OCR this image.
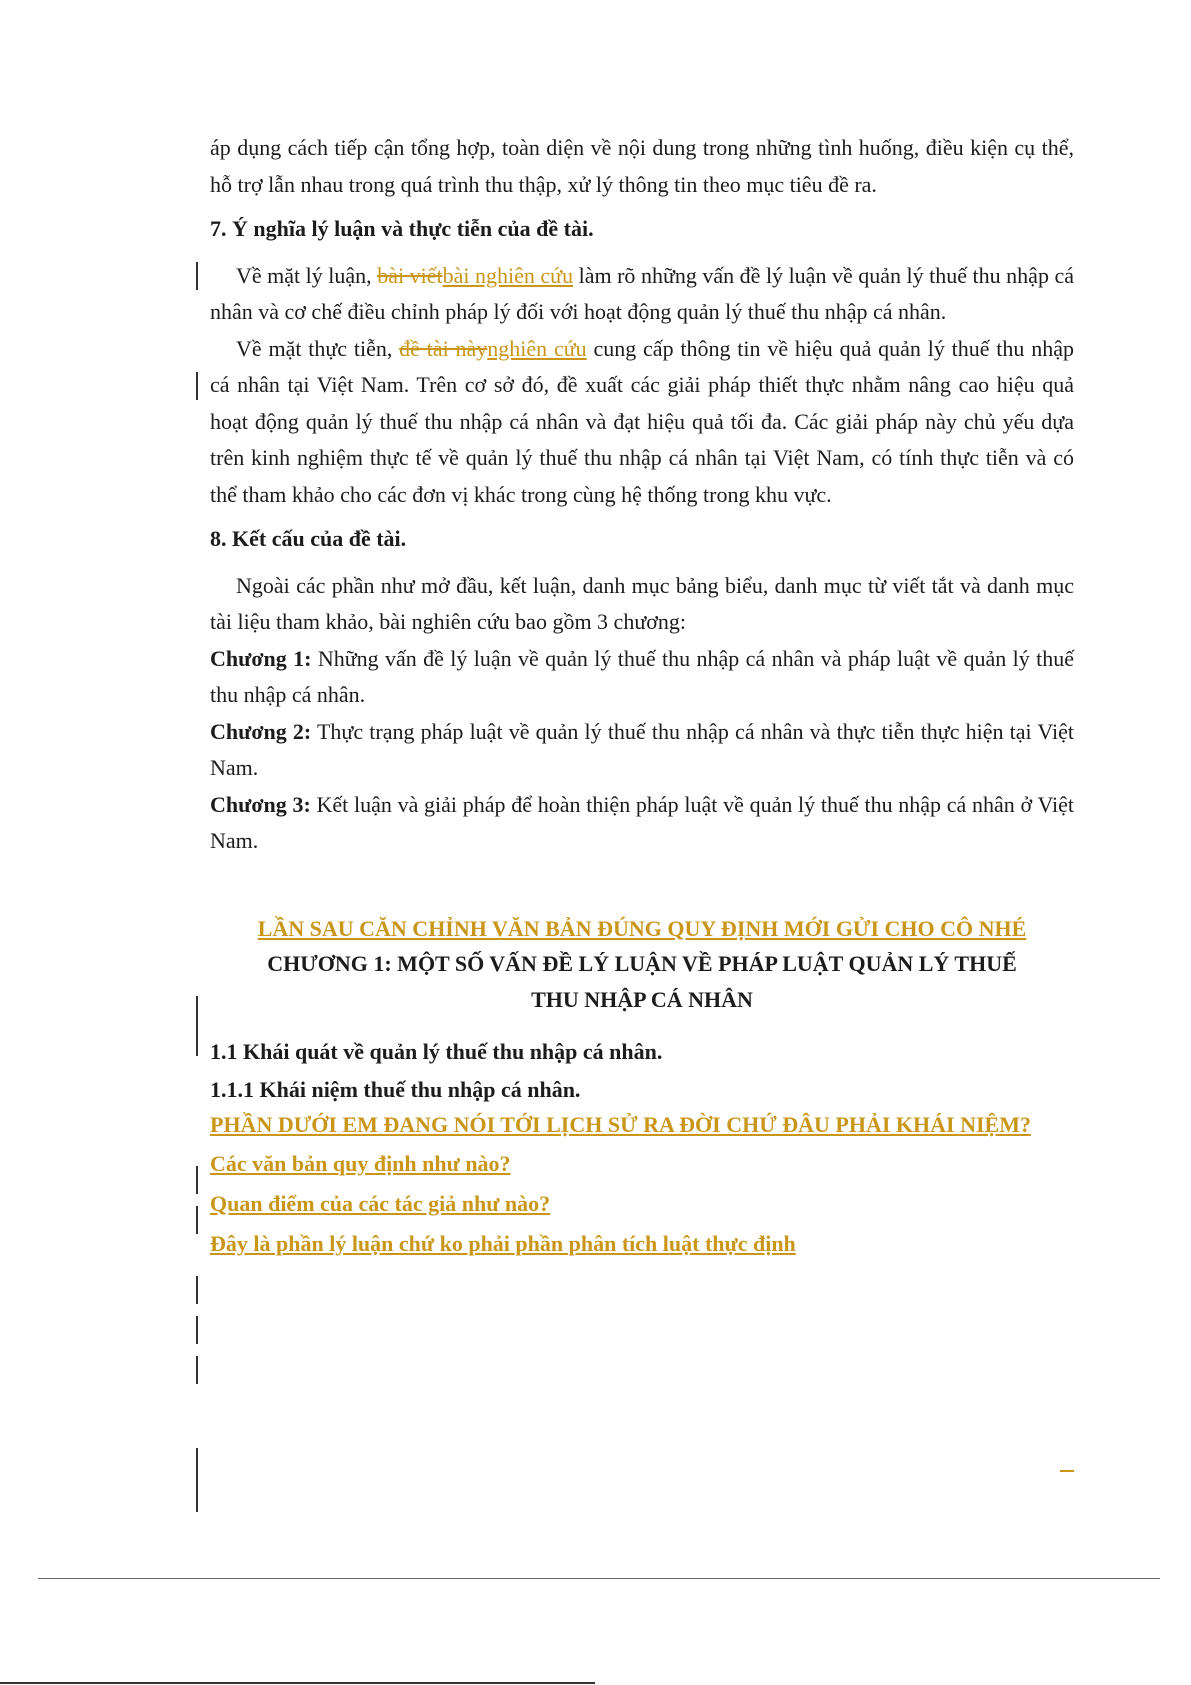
áp dụng cách tiếp cận tổng hợp, toàn diện về nội dung trong những tình huống, điều kiện cụ thể, hỗ trợ lẫn nhau trong quá trình thu thập, xử lý thông tin theo mục tiêu đề ra.

7. Ý nghĩa lý luận và thực tiễn của đề tài.

Về mặt lý luận, bài viếtbài nghiên cứu làm rõ những vấn đề lý luận về quản lý thuế thu nhập cá nhân và cơ chế điều chỉnh pháp lý đối với hoạt động quản lý thuế thu nhập cá nhân.

Về mặt thực tiễn, đề tài nàynghiên cứu cung cấp thông tin về hiệu quả quản lý thuế thu nhập cá nhân tại Việt Nam. Trên cơ sở đó, đề xuất các giải pháp thiết thực nhằm nâng cao hiệu quả hoạt động quản lý thuế thu nhập cá nhân và đạt hiệu quả tối đa. Các giải pháp này chủ yếu dựa trên kinh nghiệm thực tế về quản lý thuế thu nhập cá nhân tại Việt Nam, có tính thực tiễn và có thể tham khảo cho các đơn vị khác trong cùng hệ thống trong khu vực.

8. Kết cấu của đề tài.

Ngoài các phần như mở đầu, kết luận, danh mục bảng biểu, danh mục từ viết tắt và danh mục tài liệu tham khảo, bài nghiên cứu bao gồm 3 chương:

Chương 1: Những vấn đề lý luận về quản lý thuế thu nhập cá nhân và pháp luật về quản lý thuế thu nhập cá nhân.

Chương 2: Thực trạng pháp luật về quản lý thuế thu nhập cá nhân và thực tiễn thực hiện tại Việt Nam.

Chương 3: Kết luận và giải pháp để hoàn thiện pháp luật về quản lý thuế thu nhập cá nhân ở Việt Nam.

LẦN SAU CĂN CHỈNH VĂN BẢN ĐÚNG QUY ĐỊNH MỚI GỬI CHO CÔ NHÉ

CHƯƠNG 1: MỘT SỐ VẤN ĐỀ LÝ LUẬN VỀ PHÁP LUẬT QUẢN LÝ THUẾ
THU NHẬP CÁ NHÂN

1.1 Khái quát về quản lý thuế thu nhập cá nhân.

1.1.1 Khái niệm thuế thu nhập cá nhân.

PHẦN DƯỚI EM ĐANG NÓI TỚI LỊCH SỬ RA ĐỜI CHỨ ĐÂU PHẢI KHÁI NIỆM?

Các văn bản quy định như nào?

Quan điểm của các tác giả như nào?

Đây là phần lý luận chứ ko phải phần phân tích luật thực định
